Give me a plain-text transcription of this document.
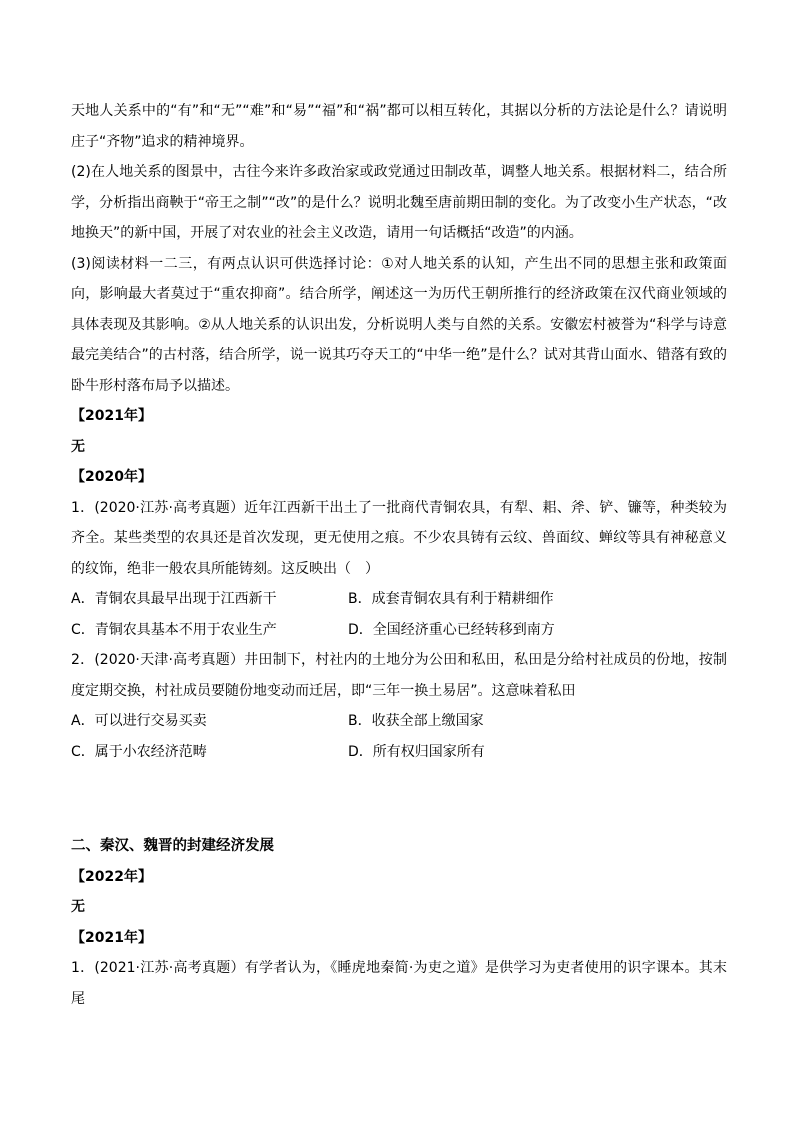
天地人关系中的“有”和“无”“难”和“易”“福”和“祸”都可以相互转化，其据以分析的方法论是什么？请说明庄子“齐物”追求的精神境界。

(2)在人地关系的图景中，古往今来许多政治家或政党通过田制改革，调整人地关系。根据材料二，结合所学，分析指出商鞅于“帝王之制”“改”的是什么？说明北魏至唐前期田制的变化。为了改变小生产状态，“改地换天”的新中国，开展了对农业的社会主义改造，请用一句话概括“改造”的内涵。

(3)阅读材料一二三，有两点认识可供选择讨论：①对人地关系的认知，产生出不同的思想主张和政策面向，影响最大者莫过于“重农抑商”。结合所学，阐述这一为历代王朝所推行的经济政策在汉代商业领域的具体表现及其影响。②从人地关系的认识出发，分析说明人类与自然的关系。安徽宏村被誉为“科学与诗意最完美结合”的古村落，结合所学，说一说其巧夺天工的“中华一绝”是什么？试对其背山面水、错落有致的卧牛形村落布局予以描述。

【2021年】

无

【2020年】

1．(2020·江苏·高考真题）近年江西新干出土了一批商代青铜农具，有犁、耜、斧、铲、镰等，种类较为齐全。某些类型的农具还是首次发现，更无使用之痕。不少农具铸有云纹、兽面纹、蝉纹等具有神秘意义的纹饰，绝非一般农具所能铸刻。这反映出（　）

A．青铜农具最早出现于江西新干	B．成套青铜农具有利于精耕细作
C．青铜农具基本不用于农业生产	D．全国经济重心已经转移到南方

2．(2020·天津·高考真题）井田制下，村社内的土地分为公田和私田，私田是分给村社成员的份地，按制度定期交换，村社成员要随份地变动而迁居，即“三年一换土易居”。这意味着私田

A．可以进行交易买卖	B．收获全部上缴国家
C．属于小农经济范畴	D．所有权归国家所有

二、秦汉、魏晋的封建经济发展

【2022年】

无

【2021年】

1．(2021·江苏·高考真题）有学者认为，《睡虎地秦简·为吏之道》是供学习为吏者使用的识字课本。其末尾
